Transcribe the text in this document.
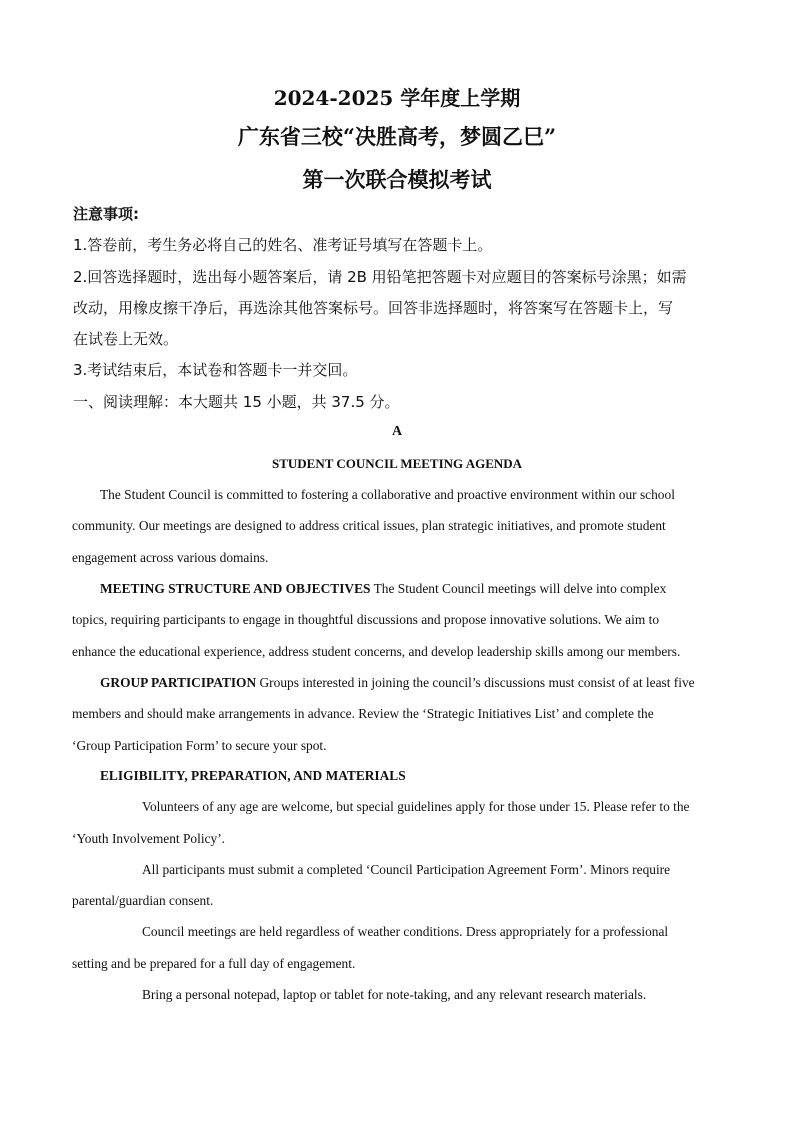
2024-2025 学年度上学期
广东省三校“决胜高考，梦圆乙巳”
第一次联合模拟考试
注意事项:
1.答卷前，考生务必将自己的姓名、准考证号填写在答题卡上。
2.回答选择题时，选出每小题答案后，请 2B 用铅笔把答题卡对应题目的答案标号涂黑；如需
改动，用橡皮擦干净后，再选涂其他答案标号。回答非选择题时，将答案写在答题卡上，写
在试卷上无效。
3.考试结束后，本试卷和答题卡一并交回。
一、阅读理解：本大题共 15 小题，共 37.5 分。
A
STUDENT COUNCIL MEETING AGENDA
The Student Council is committed to fostering a collaborative and proactive environment within our school
community. Our meetings are designed to address critical issues, plan strategic initiatives, and promote student
engagement across various domains.
MEETING STRUCTURE AND OBJECTIVES The Student Council meetings will delve into complex
topics, requiring participants to engage in thoughtful discussions and propose innovative solutions. We aim to
enhance the educational experience, address student concerns, and develop leadership skills among our members.
GROUP PARTICIPATION Groups interested in joining the council’s discussions must consist of at least five
members and should make arrangements in advance. Review the ‘Strategic Initiatives List’ and complete the
‘Group Participation Form’ to secure your spot.
ELIGIBILITY, PREPARATION, AND MATERIALS
Volunteers of any age are welcome, but special guidelines apply for those under 15. Please refer to the
‘Youth Involvement Policy’.
All participants must submit a completed ‘Council Participation Agreement Form’. Minors require
parental/guardian consent.
Council meetings are held regardless of weather conditions. Dress appropriately for a professional
setting and be prepared for a full day of engagement.
Bring a personal notepad, laptop or tablet for note-taking, and any relevant research materials.
